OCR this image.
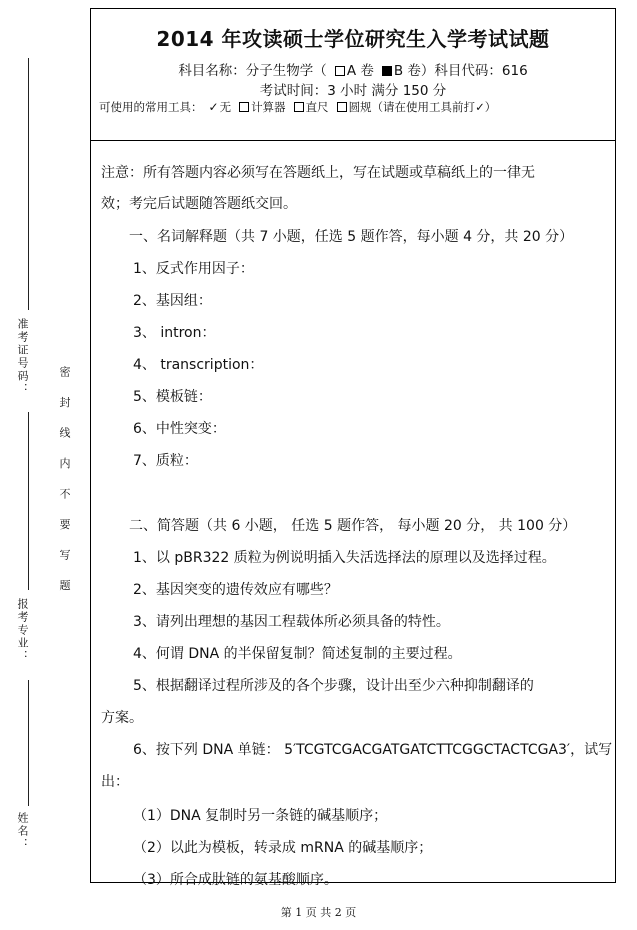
准考证号码：
报考专业：
姓名：
密 封 线 内 不 要 写 题
2014 年攻读硕士学位研究生入学考试试题
科目名称：分子生物学（ A 卷 B 卷）科目代码：616
考试时间：3 小时 满分 150 分
可使用的常用工具： ✓无 计算器 直尺 圆规（请在使用工具前打✓）
注意：所有答题内容必须写在答题纸上，写在试题或草稿纸上的一律无
效；考完后试题随答题纸交回。
一、名词解释题（共 7 小题，任选 5 题作答，每小题 4 分，共 20 分）
1、反式作用因子：
2、基因组：
3、 intron：
4、 transcription：
5、模板链：
6、中性突变：
7、质粒：
二、简答题（共 6 小题， 任选 5 题作答， 每小题 20 分， 共 100 分）
1、以 pBR322 质粒为例说明插入失活选择法的原理以及选择过程。
2、基因突变的遗传效应有哪些？
3、请列出理想的基因工程载体所必须具备的特性。
4、何谓 DNA 的半保留复制？简述复制的主要过程。
5、根据翻译过程所涉及的各个步骤，设计出至少六种抑制翻译的
方案。
6、按下列 DNA 单链： 5′TCGTCGACGATGATCTTCGGCTACTCGA3′，试写
出：
（1）DNA 复制时另一条链的碱基顺序；
（2）以此为模板，转录成 mRNA 的碱基顺序；
（3）所合成肽链的氨基酸顺序。
第 1 页 共 2 页
